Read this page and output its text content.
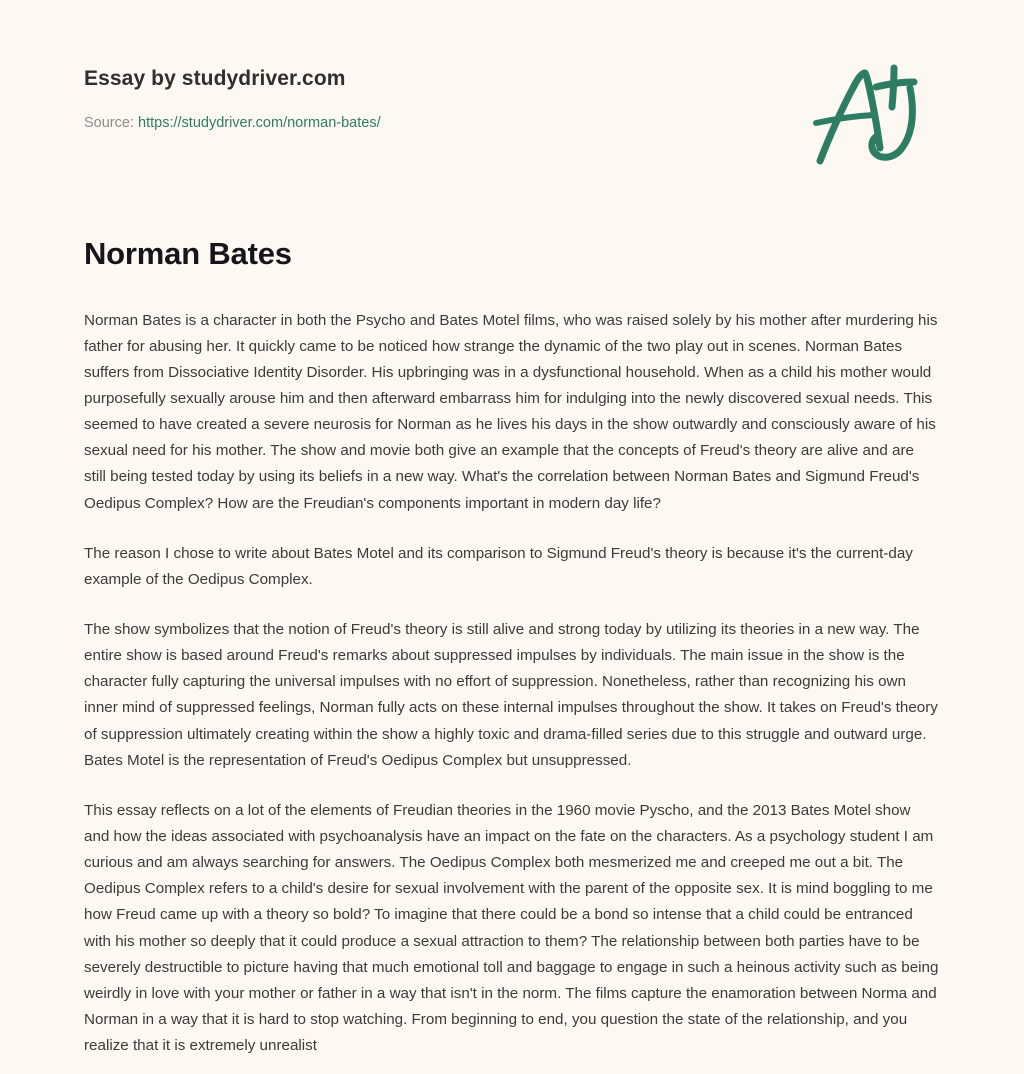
Essay by studydriver.com
Source: https://studydriver.com/norman-bates/
Norman Bates

Norman Bates is a character in both the Psycho and Bates Motel films, who was raised solely by his mother after murdering his father for abusing her. It quickly came to be noticed how strange the dynamic of the two play out in scenes. Norman Bates suffers from Dissociative Identity Disorder. His upbringing was in a dysfunctional household. When as a child his mother would purposefully sexually arouse him and then afterward embarrass him for indulging into the newly discovered sexual needs. This seemed to have created a severe neurosis for Norman as he lives his days in the show outwardly and consciously aware of his sexual need for his mother. The show and movie both give an example that the concepts of Freud's theory are alive and are still being tested today by using its beliefs in a new way. What's the correlation between Norman Bates and Sigmund Freud's Oedipus Complex? How are the Freudian's components important in modern day life?

The reason I chose to write about Bates Motel and its comparison to Sigmund Freud's theory is because it's the current-day example of the Oedipus Complex.

The show symbolizes that the notion of Freud's theory is still alive and strong today by utilizing its theories in a new way. The entire show is based around Freud's remarks about suppressed impulses by individuals. The main issue in the show is the character fully capturing the universal impulses with no effort of suppression. Nonetheless, rather than recognizing his own inner mind of suppressed feelings, Norman fully acts on these internal impulses throughout the show. It takes on Freud's theory of suppression ultimately creating within the show a highly toxic and drama-filled series due to this struggle and outward urge. Bates Motel is the representation of Freud's Oedipus Complex but unsuppressed.

This essay reflects on a lot of the elements of Freudian theories in the 1960 movie Pyscho, and the 2013 Bates Motel show and how the ideas associated with psychoanalysis have an impact on the fate on the characters. As a psychology student I am curious and am always searching for answers. The Oedipus Complex both mesmerized me and creeped me out a bit. The Oedipus Complex refers to a child's desire for sexual involvement with the parent of the opposite sex. It is mind boggling to me how Freud came up with a theory so bold? To imagine that there could be a bond so intense that a child could be entranced with his mother so deeply that it could produce a sexual attraction to them? The relationship between both parties have to be severely destructible to picture having that much emotional toll and baggage to engage in such a heinous activity such as being weirdly in love with your mother or father in a way that isn't in the norm. The films capture the enamoration between Norma and Norman in a way that it is hard to stop watching. From beginning to end, you question the state of the relationship, and you realize that it is extremely unrealist
